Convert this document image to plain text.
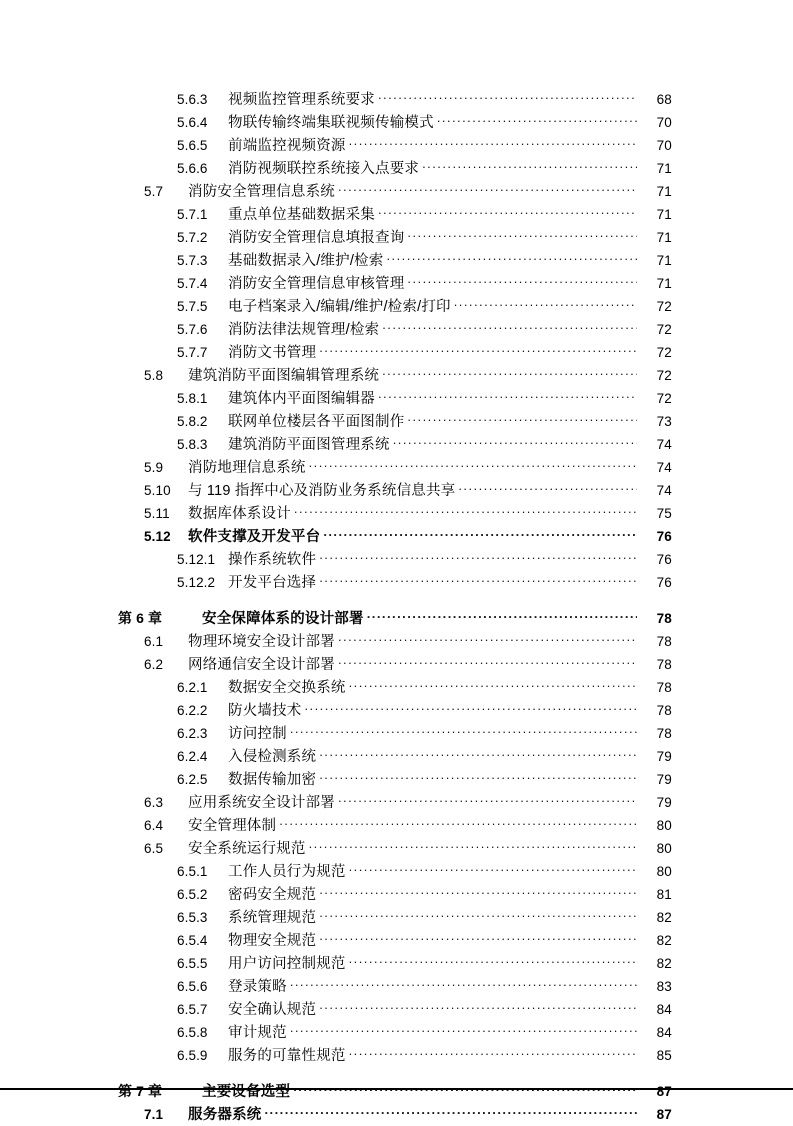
5.6.3	视频监控管理系统要求 .....	68
5.6.4	物联传输终端集联视频传输模式 .....	70
5.6.5	前端监控视频资源 .....	70
5.6.6	消防视频联控系统接入点要求 .....	71
5.7	消防安全管理信息系统 .....	71
5.7.1	重点单位基础数据采集 .....	71
5.7.2	消防安全管理信息填报查询 .....	71
5.7.3	基础数据录入/维护/检索 .....	71
5.7.4	消防安全管理信息审核管理 .....	71
5.7.5	电子档案录入/编辑/维护/检索/打印 .....	72
5.7.6	消防法律法规管理/检索 .....	72
5.7.7	消防文书管理 .....	72
5.8	建筑消防平面图编辑管理系统 .....	72
5.8.1	建筑体内平面图编辑器 .....	72
5.8.2	联网单位楼层各平面图制作 .....	73
5.8.3	建筑消防平面图管理系统 .....	74
5.9	消防地理信息系统 .....	74
5.10	与 119 指挥中心及消防业务系统信息共享 .....	74
5.11	数据库体系设计 .....	75
5.12	软件支撑及开发平台 .....	76
5.12.1 操作系统软件 .....	76
5.12.2 开发平台选择 .....	76
第 6 章	安全保障体系的设计部署 .....	78
6.1	物理环境安全设计部署 .....	78
6.2	网络通信安全设计部署 .....	78
6.2.1	数据安全交换系统 .....	78
6.2.2	防火墙技术 .....	78
6.2.3	访问控制 .....	78
6.2.4	入侵检测系统 .....	79
6.2.5	数据传输加密 .....	79
6.3	应用系统安全设计部署 .....	79
6.4	安全管理体制 .....	80
6.5	安全系统运行规范 .....	80
6.5.1	工作人员行为规范 .....	80
6.5.2	密码安全规范 .....	81
6.5.3	系统管理规范 .....	82
6.5.4	物理安全规范 .....	82
6.5.5	用户访问控制规范 .....	82
6.5.6	登录策略 .....	83
6.5.7	安全确认规范 .....	84
6.5.8	审计规范 .....	84
6.5.9	服务的可靠性规范 .....	85
第 7 章	主要设备选型 .....	87
7.1	服务器系统 .....	87
